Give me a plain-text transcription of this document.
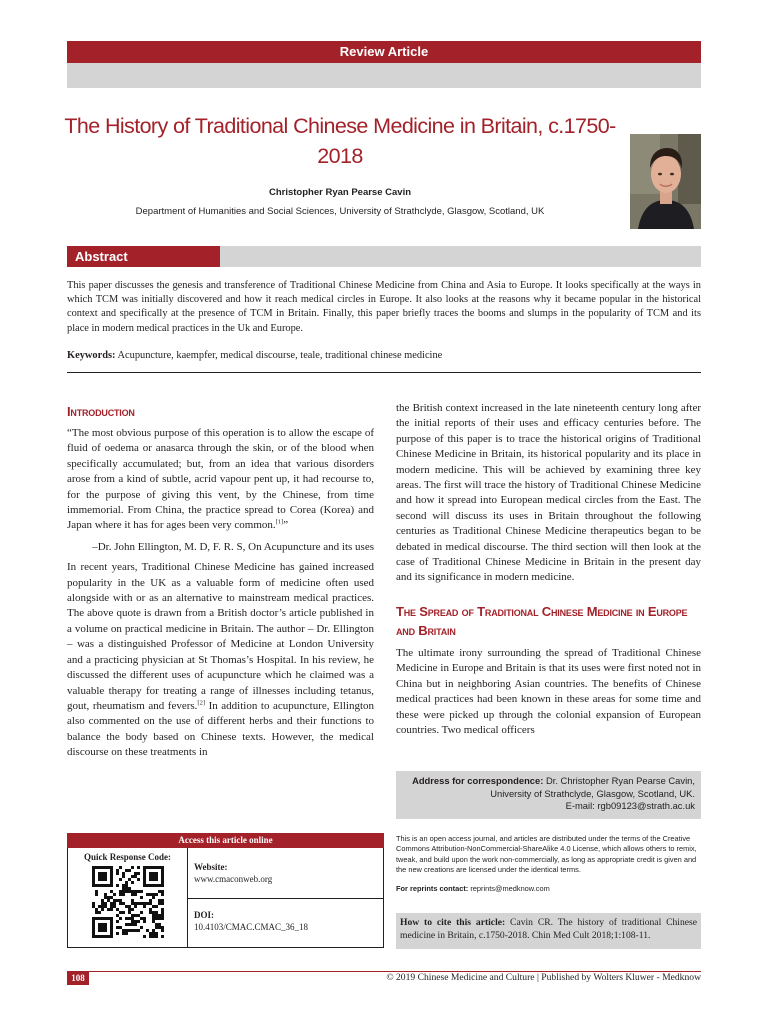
Review Article
The History of Traditional Chinese Medicine in Britain, c.1750-2018
Christopher Ryan Pearse Cavin
Department of Humanities and Social Sciences, University of Strathclyde, Glasgow, Scotland, UK
Abstract
This paper discusses the genesis and transference of Traditional Chinese Medicine from China and Asia to Europe. It looks specifically at the ways in which TCM was initially discovered and how it reach medical circles in Europe. It also looks at the reasons why it became popular in the historical context and specifically at the presence of TCM in Britain. Finally, this paper briefly traces the booms and slumps in the popularity of TCM and its place in modern medical practices in the Uk and Europe.
Keywords: Acupuncture, kaempfer, medical discourse, teale, traditional chinese medicine
Introduction
“The most obvious purpose of this operation is to allow the escape of fluid of oedema or anasarca through the skin, or of the blood when specifically accumulated; but, from an idea that various disorders arose from a kind of subtle, acrid vapour pent up, it had recourse to, for the purpose of giving this vent, by the Chinese, from time immemorial. From China, the practice spread to Corea (Korea) and Japan where it has for ages been very common.[1]”
–Dr. John Ellington, M. D, F. R. S, On Acupuncture and its uses
In recent years, Traditional Chinese Medicine has gained increased popularity in the UK as a valuable form of medicine often used alongside with or as an alternative to mainstream medical practices. The above quote is drawn from a British doctor’s article published in a volume on practical medicine in Britain. The author – Dr. Ellington – was a distinguished Professor of Medicine at London University and a practicing physician at St Thomas’s Hospital. In his review, he discussed the different uses of acupuncture which he claimed was a valuable therapy for treating a range of illnesses including tetanus, gout, rheumatism and fevers.[2] In addition to acupuncture, Ellington also commented on the use of different herbs and their functions to balance the body based on Chinese texts. However, the medical discourse on these treatments in
the British context increased in the late nineteenth century long after the initial reports of their uses and efficacy centuries before. The purpose of this paper is to trace the historical origins of Traditional Chinese Medicine in Britain, its historical popularity and its place in modern medicine. This will be achieved by examining three key areas. The first will trace the history of Traditional Chinese Medicine and how it spread into European medical circles from the East. The second will discuss its uses in Britain throughout the following centuries as Traditional Chinese Medicine therapeutics began to be debated in medical discourse. The third section will then look at the case of Traditional Chinese Medicine in Britain in the present day and its significance in modern medicine.
The Spread of Traditional Chinese Medicine in Europe and Britain
The ultimate irony surrounding the spread of Traditional Chinese Medicine in Europe and Britain is that its uses were first noted not in China but in neighboring Asian countries. The benefits of Chinese medical practices had been known in these areas for some time and these were picked up through the colonial expansion of European countries. Two medical officers
Access this article online
Quick Response Code:
Website:
www.cmaconweb.org
DOI:
10.4103/CMAC.CMAC_36_18
Address for correspondence: Dr. Christopher Ryan Pearse Cavin,
University of Strathclyde, Glasgow, Scotland, UK.
E-mail: rgb09123@strath.ac.uk
This is an open access journal, and articles are distributed under the terms of the Creative Commons Attribution-NonCommercial-ShareAlike 4.0 License, which allows others to remix, tweak, and build upon the work non-commercially, as long as appropriate credit is given and the new creations are licensed under the identical terms.
For reprints contact: reprints@medknow.com
How to cite this article: Cavin CR. The history of traditional Chinese medicine in Britain, c.1750-2018. Chin Med Cult 2018;1:108-11.
108	© 2019 Chinese Medicine and Culture | Published by Wolters Kluwer - Medknow
